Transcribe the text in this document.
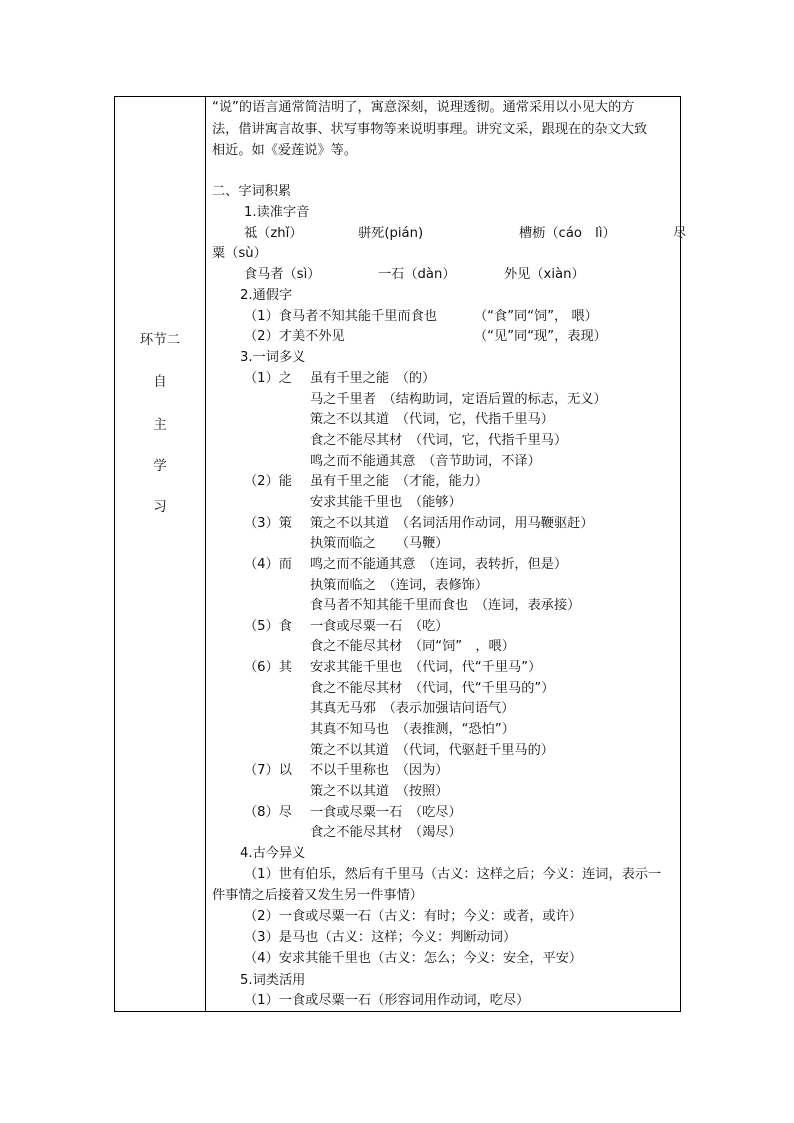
环节二
自
主
学
习
“说”的语言通常简洁明了，寓意深刻，说理透彻。通常采用以小见大的方
法，借讲寓言故事、状写事物等来说明事理。讲究文采，跟现在的杂文大致
相近。如《爱莲说》等。
二、字词积累
1.读准字音
祗（zhǐ）	骈死(pián)	槽枥（cáo　lì）	尽
粟（sù）
食马者（sì）	一石（dàn）	外见（xiàn）
2.通假字
（1）食马者不知其能千里而食也	（“食”同“饲”， 喂）
（2）才美不外见	（“见”同“现”，表现）
3.一词多义
（1）之 虽有千里之能　（的）
马之千里者　（结构助词，定语后置的标志，无义）
策之不以其道　（代词，它，代指千里马）
食之不能尽其材　（代词，它，代指千里马）
鸣之而不能通其意　（音节助词，不译）
（2）能 虽有千里之能　（才能，能力）
安求其能千里也　（能够）
（3）策 策之不以其道　（名词活用作动词，用马鞭驱赶）
执策而临之　　（马鞭）
（4）而 鸣之而不能通其意　（连词，表转折，但是）
执策而临之　（连词，表修饰）
食马者不知其能千里而食也　（连词，表承接）
（5）食 一食或尽粟一石　（吃）
食之不能尽其材　（同“饲”　，喂）
（6）其 安求其能千里也　（代词，代“千里马”）
食之不能尽其材　（代词，代“千里马的”）
其真无马邪　（表示加强诘问语气）
其真不知马也　（表推测，“恐怕”）
策之不以其道　（代词，代驱赶千里马的）
（7）以 不以千里称也　（因为）
策之不以其道　（按照）
（8）尽 一食或尽粟一石　（吃尽）
食之不能尽其材　（竭尽）
4.古今异义
（1）世有伯乐，然后有千里马（古义：这样之后；今义：连词，表示一
件事情之后接着又发生另一件事情）
（2）一食或尽粟一石（古义：有时；今义：或者，或许）
（3）是马也（古义：这样；今义：判断动词）
（4）安求其能千里也（古义：怎么；今义：安全，平安）
5.词类活用
（1）一食或尽粟一石（形容词用作动词，吃尽）
